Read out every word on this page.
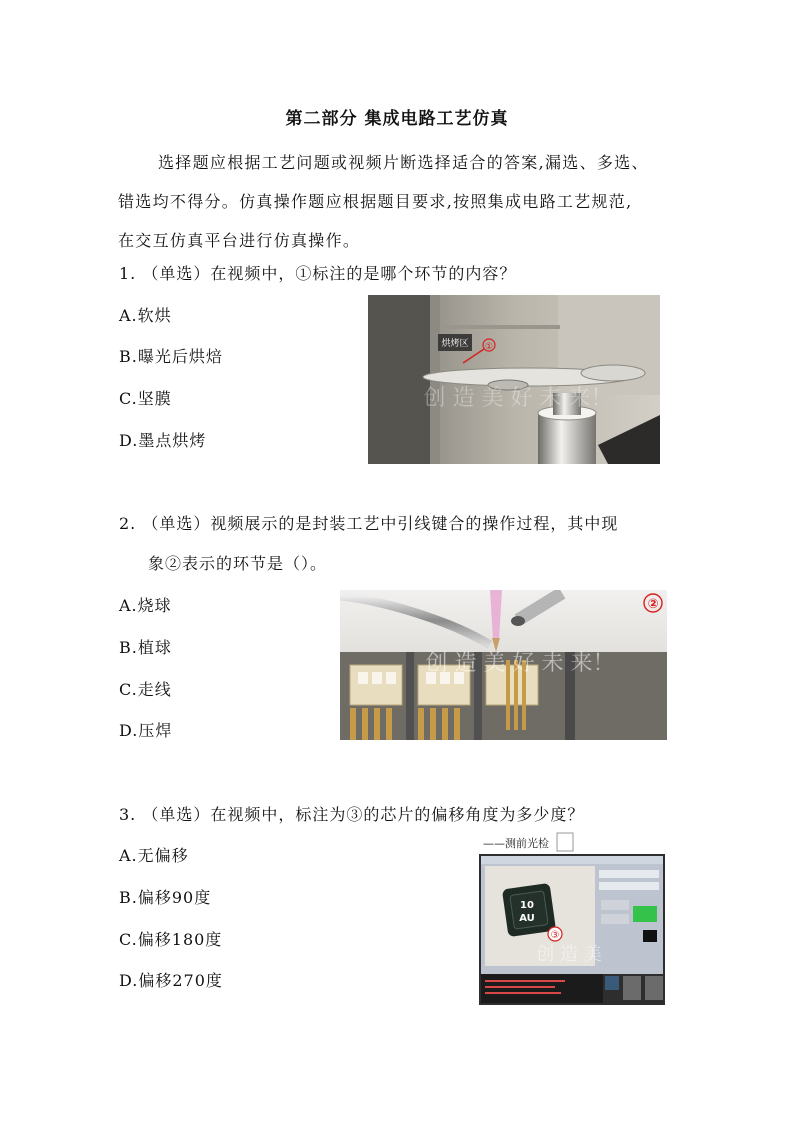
第二部分 集成电路工艺仿真
选择题应根据工艺问题或视频片断选择适合的答案,漏选、多选、
错选均不得分。仿真操作题应根据题目要求,按照集成电路工艺规范,
在交互仿真平台进行仿真操作。
1. （单选）在视频中，①标注的是哪个环节的内容？
A.软烘
B.曝光后烘焙
C.坚膜
D.墨点烘烤
烘烤区 ①
创 造 美 好 未 来！
2. （单选）视频展示的是封装工艺中引线键合的操作过程，其中现
象②表示的环节是（）。
A.烧球
B.植球
C.走线
D.压焊
②
创 造 美 好 未 来！
3. （单选）在视频中，标注为③的芯片的偏移角度为多少度？
A.无偏移
B.偏移90度
C.偏移180度
D.偏移270度
——测前光检
10
AU
③
创 造 美
